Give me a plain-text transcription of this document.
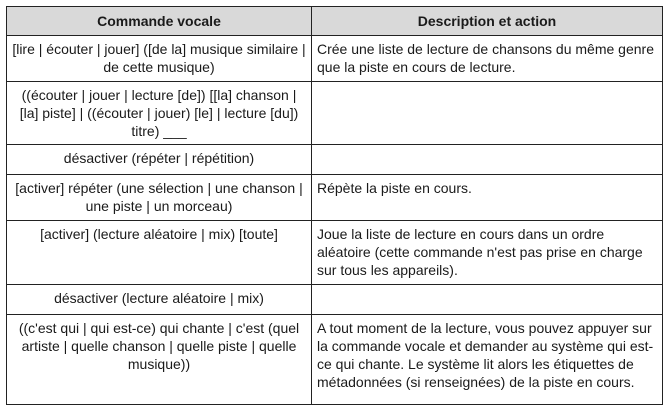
Commande vocale	Description et action
[lire | écouter | jouer] ([de la] musique similaire | de cette musique)	Crée une liste de lecture de chansons du même genre que la piste en cours de lecture.
((écouter | jouer | lecture [de]) [[la] chanson | [la] piste] | ((écouter | jouer) [le] | lecture [du]) titre) ___	
désactiver (répéter | répétition)	
[activer] répéter (une sélection | une chanson | une piste | un morceau)	Répète la piste en cours.
[activer] (lecture aléatoire | mix) [toute]	Joue la liste de lecture en cours dans un ordre aléatoire (cette commande n'est pas prise en charge sur tous les appareils).
désactiver (lecture aléatoire | mix)	
((c'est qui | qui est-ce) qui chante | c'est (quel artiste | quelle chanson | quelle piste | quelle musique))	A tout moment de la lecture, vous pouvez appuyer sur la commande vocale et demander au système qui est-ce qui chante. Le système lit alors les étiquettes de métadonnées (si renseignées) de la piste en cours.
